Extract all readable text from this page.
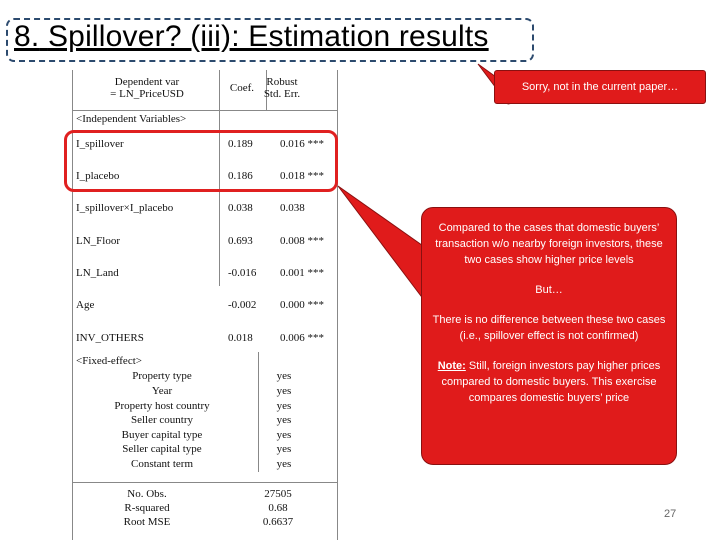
8. Spillover? (iii): Estimation results
Dependent var
= LN_PriceUSD	Coef.	Robust
Std. Err.
<Independent Variables>
I_spillover	0.189 0.016 ***
I_placebo	0.186 0.018 ***
I_spillover×I_placebo	0.038 0.038
LN_Floor	0.693 0.008 ***
LN_Land	-0.016 0.001 ***
Age	-0.002 0.000 ***
INV_OTHERS	0.018 0.006 ***
<Fixed-effect>
Property type	yes
Year	yes
Property host country	yes
Seller country	yes
Buyer capital type	yes
Seller capital type	yes
Constant term	yes
No. Obs.	27505
R-squared	0.68
Root MSE	0.6637
Sorry, not in the current paper…

Compared to the cases that domestic buyers’ transaction w/o nearby foreign investors, these two cases show higher price levels

But…

There is no difference between these two cases (i.e., spillover effect is not confirmed)

Note: Still, foreign investors pay higher prices compared to domestic buyers. This exercise compares domestic buyers’ price

27
